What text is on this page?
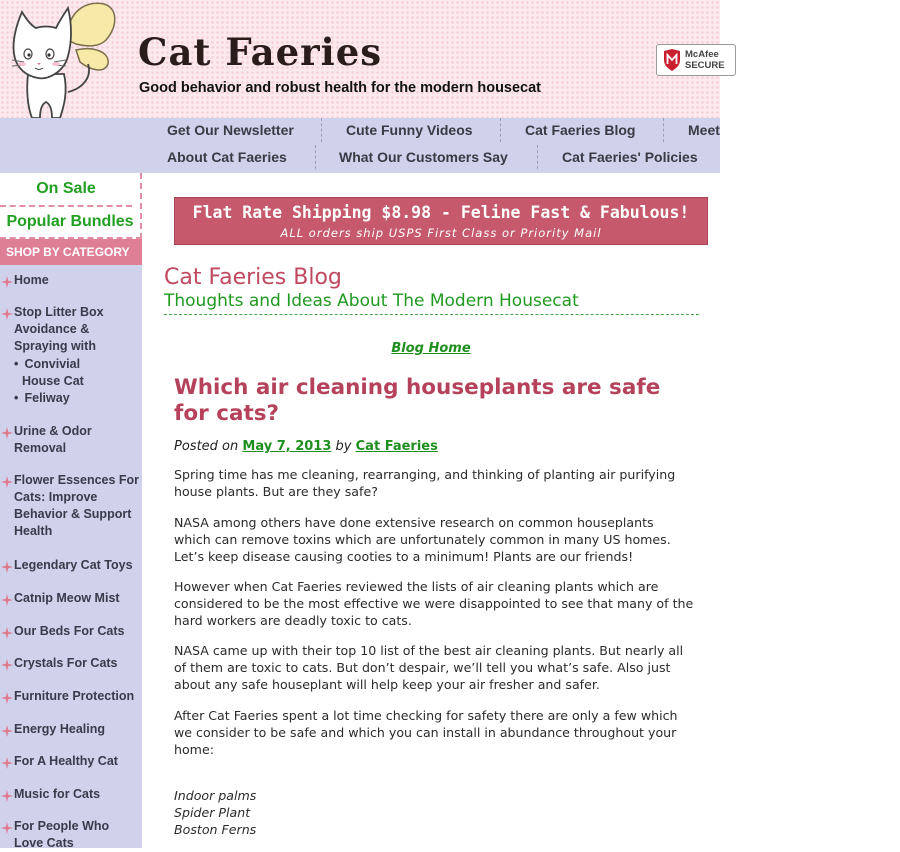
Cat Faeries
Good behavior and robust health for the modern housecat
McAfee
SECURE
Get Our Newsletter	Cute Funny Videos	Cat Faeries Blog	Meet
About Cat Faeries	What Our Customers Say	Cat Faeries' Policies
On Sale
Popular Bundles
SHOP BY CATEGORY
Home
Stop Litter Box Avoidance & Spraying with
• Convivial
House Cat
• Feliway
Urine & Odor Removal
Flower Essences For Cats: Improve Behavior & Support Health
Legendary Cat Toys
Catnip Meow Mist
Our Beds For Cats
Crystals For Cats
Furniture Protection
Energy Healing
For A Healthy Cat
Music for Cats
For People Who Love Cats
Flat Rate Shipping $8.98 - Feline Fast & Fabulous!
ALL orders ship USPS First Class or Priority Mail
Cat Faeries Blog
Thoughts and Ideas About The Modern Housecat
Blog Home
Which air cleaning houseplants are safe for cats?
Posted on May 7, 2013 by Cat Faeries
Spring time has me cleaning, rearranging, and thinking of planting air purifying house plants. But are they safe?
NASA among others have done extensive research on common houseplants which can remove toxins which are unfortunately common in many US homes. Let’s keep disease causing cooties to a minimum! Plants are our friends!
However when Cat Faeries reviewed the lists of air cleaning plants which are considered to be the most effective we were disappointed to see that many of the hard workers are deadly toxic to cats.
NASA came up with their top 10 list of the best air cleaning plants. But nearly all of them are toxic to cats. But don’t despair, we’ll tell you what’s safe. Also just about any safe houseplant will help keep your air fresher and safer.
After Cat Faeries spent a lot time checking for safety there are only a few which we consider to be safe and which you can install in abundance throughout your home:
Indoor palms
Spider Plant
Boston Ferns
